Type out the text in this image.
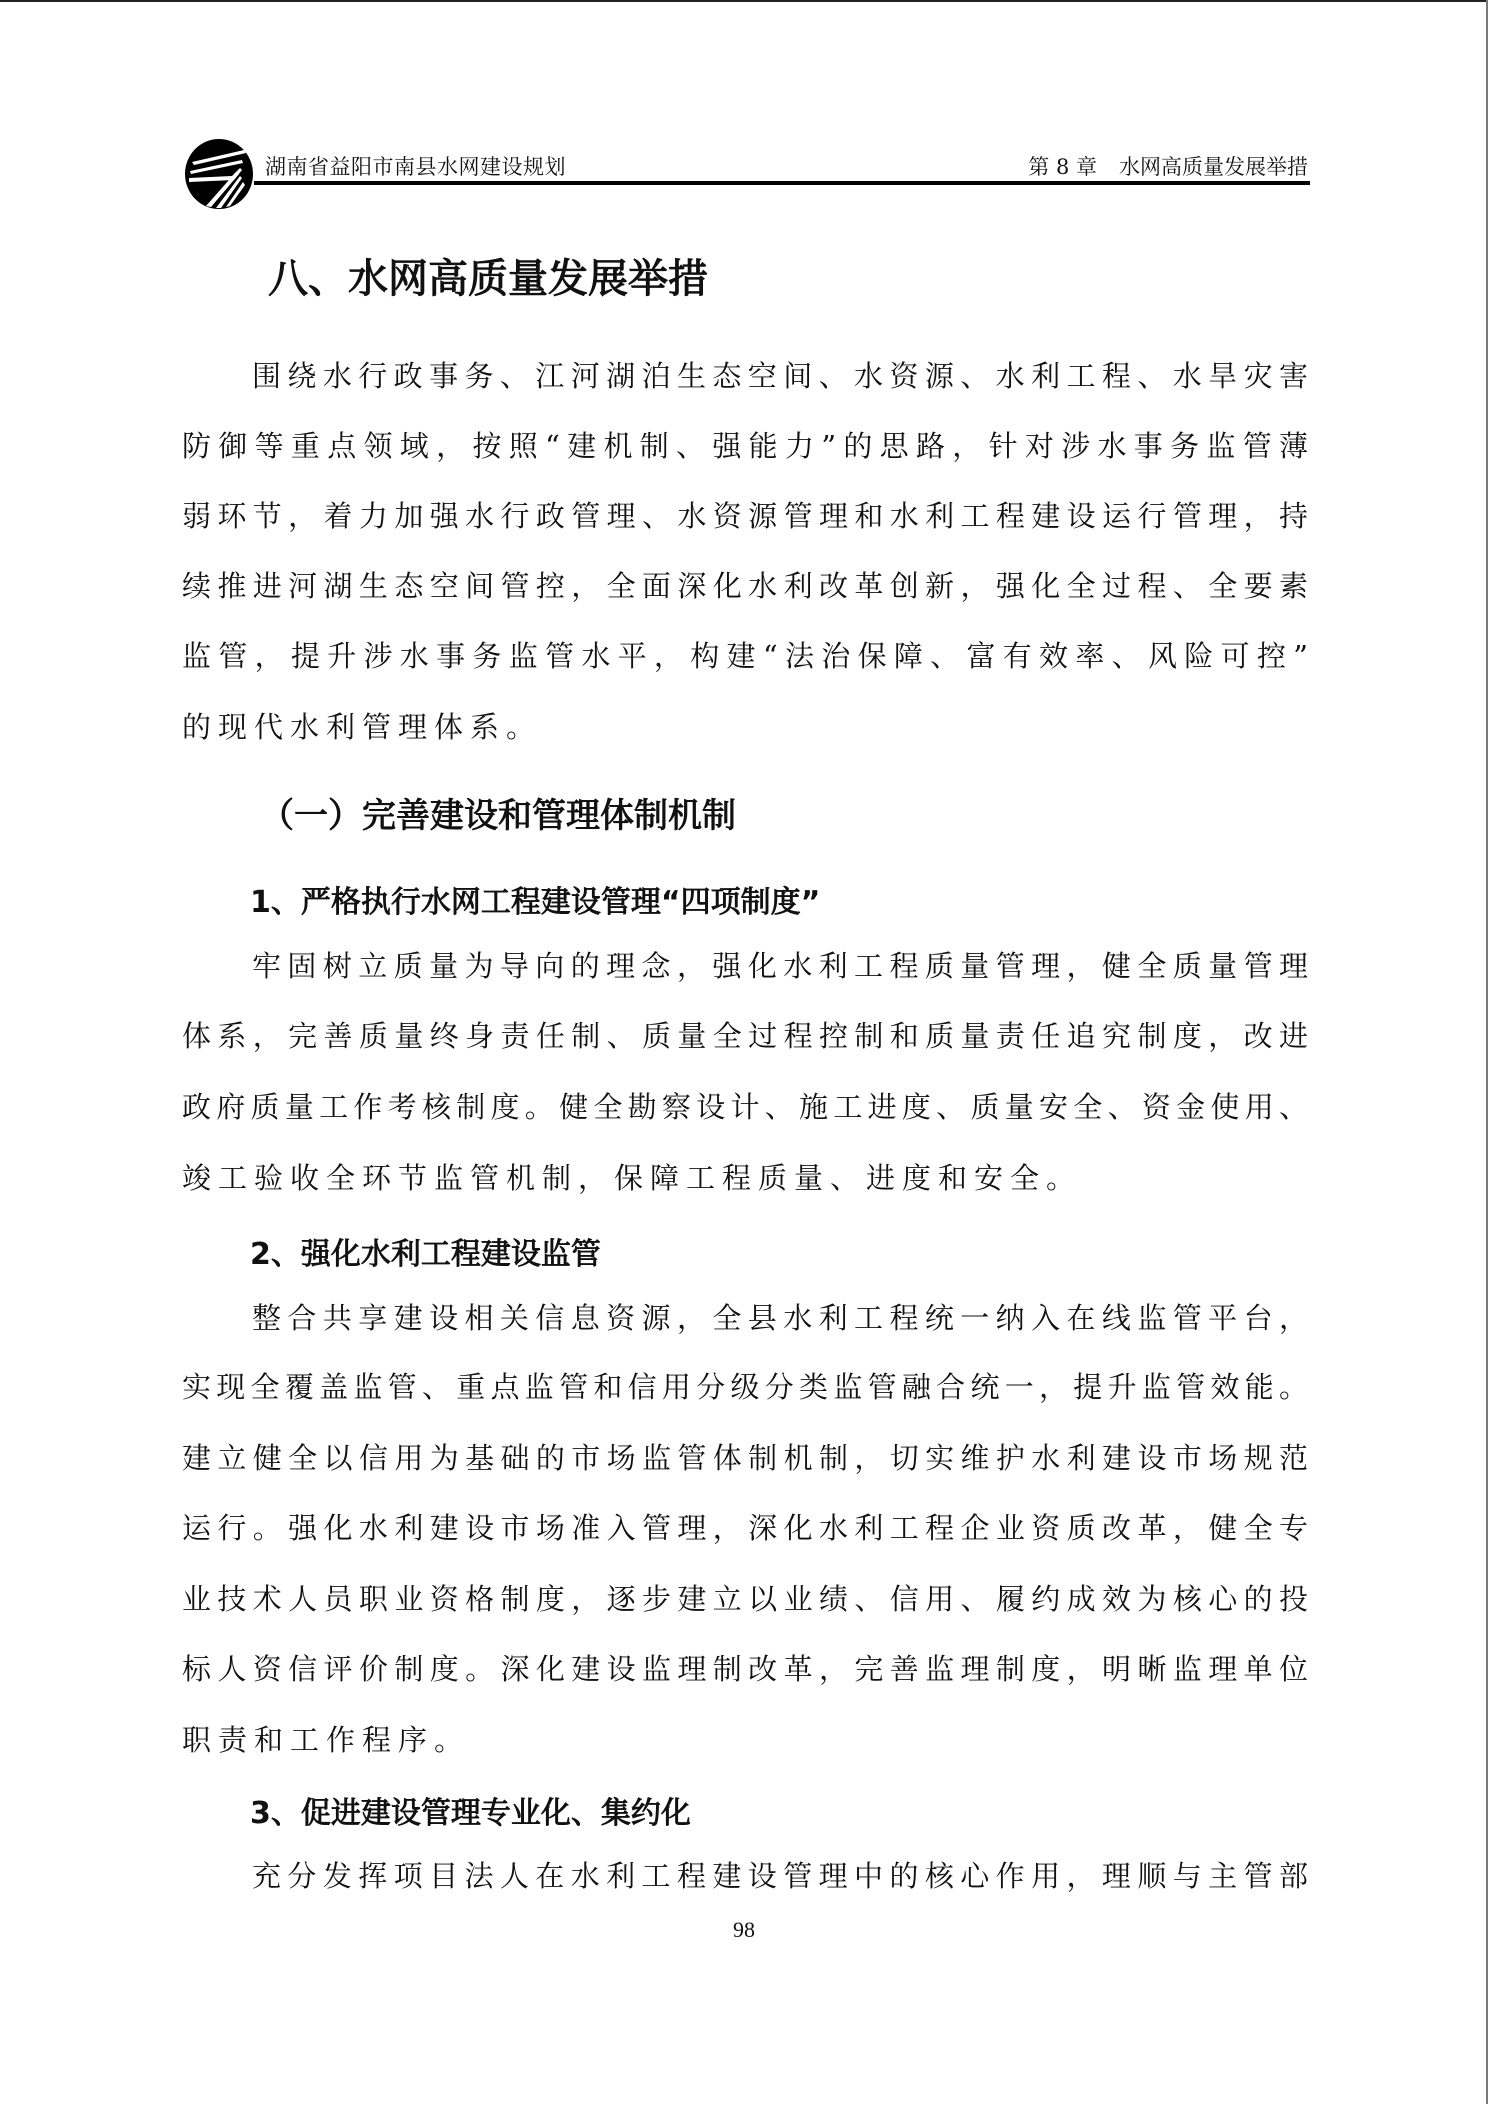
湖南省益阳市南县水网建设规划	第 8 章 水网高质量发展举措
八、水网高质量发展举措
围绕水行政事务、江河湖泊生态空间、水资源、水利工程、水旱灾害
防御等重点领域，按照“建机制、强能力”的思路，针对涉水事务监管薄
弱环节，着力加强水行政管理、水资源管理和水利工程建设运行管理，持
续推进河湖生态空间管控，全面深化水利改革创新，强化全过程、全要素
监管，提升涉水事务监管水平，构建“法治保障、富有效率、风险可控”
的现代水利管理体系。
（一）完善建设和管理体制机制
1、严格执行水网工程建设管理“四项制度”
牢固树立质量为导向的理念，强化水利工程质量管理，健全质量管理
体系，完善质量终身责任制、质量全过程控制和质量责任追究制度，改进
政府质量工作考核制度。健全勘察设计、施工进度、质量安全、资金使用、
竣工验收全环节监管机制，保障工程质量、进度和安全。
2、强化水利工程建设监管
整合共享建设相关信息资源，全县水利工程统一纳入在线监管平台，
实现全覆盖监管、重点监管和信用分级分类监管融合统一，提升监管效能。
建立健全以信用为基础的市场监管体制机制，切实维护水利建设市场规范
运行。强化水利建设市场准入管理，深化水利工程企业资质改革，健全专
业技术人员职业资格制度，逐步建立以业绩、信用、履约成效为核心的投
标人资信评价制度。深化建设监理制改革，完善监理制度，明晰监理单位
职责和工作程序。
3、促进建设管理专业化、集约化
充分发挥项目法人在水利工程建设管理中的核心作用，理顺与主管部
98
